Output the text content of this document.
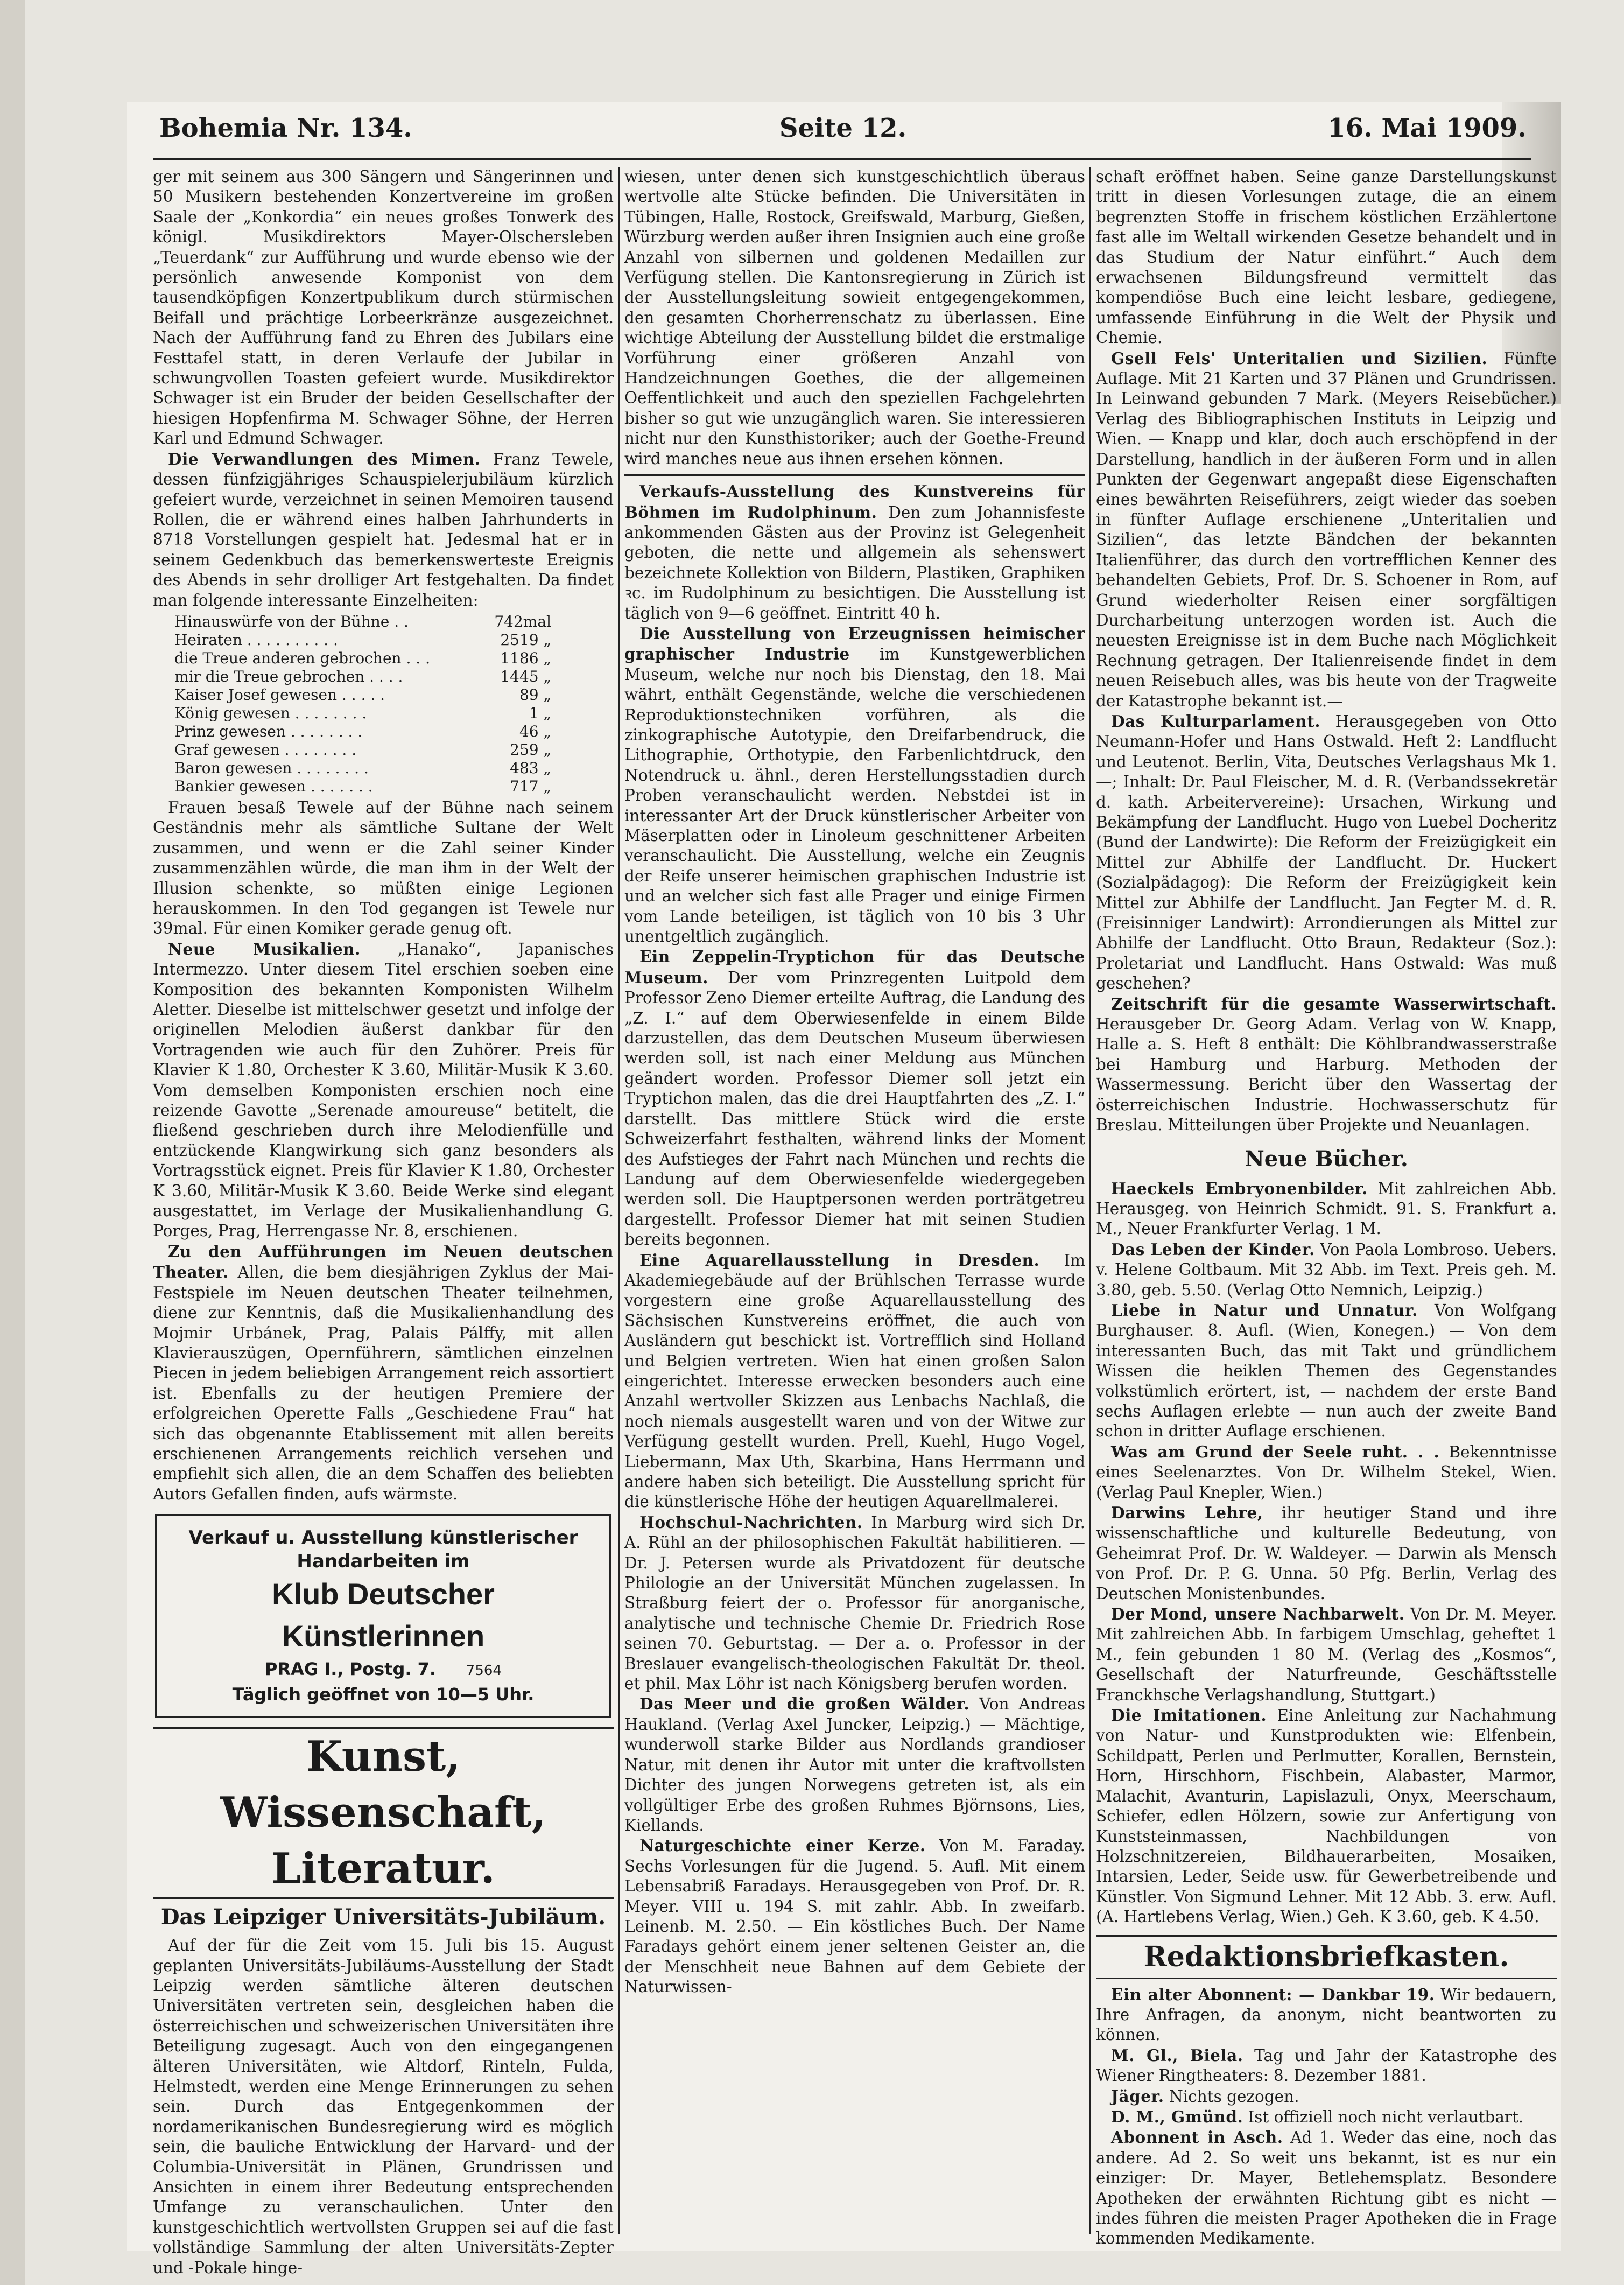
Bohemia Nr. 134.	Seite 12.	16. Mai 1909.

ger mit seinem aus 300 Sängern und Sängerinnen und 50 Musikern bestehenden Konzertvereine im großen Saale der „Konkordia“ ein neues großes Tonwerk des königl. Musikdirektors Mayer-Olschersleben „Teuerdank“ zur Aufführung und wurde ebenso wie der persönlich anwesende Komponist von dem tausendköpfigen Konzertpublikum durch stürmischen Beifall und prächtige Lorbeerkränze ausgezeichnet. Nach der Aufführung fand zu Ehren des Jubilars eine Festtafel statt, in deren Verlaufe der Jubilar in schwungvollen Toasten gefeiert wurde. Musikdirektor Schwager ist ein Bruder der beiden Gesellschafter der hiesigen Hopfenfirma M. Schwager Söhne, der Herren Karl und Edmund Schwager.

Die Verwandlungen des Mimen. Franz Tewele, dessen fünfzigjähriges Schauspielerjubiläum kürzlich gefeiert wurde, verzeichnet in seinen Memoiren tausend Rollen, die er während eines halben Jahrhunderts in 8718 Vorstellungen gespielt hat. Jedesmal hat er in seinem Gedenkbuch das bemerkenswerteste Ereignis des Abends in sehr drolliger Art festgehalten. Da findet man folgende interessante Einzelheiten:

Hinauswürfe von der Bühne . .	742mal
Heiraten . . . . . . . . . .	2519 „
die Treue anderen gebrochen . . .	1186 „
mir die Treue gebrochen . . . .	1445 „
Kaiser Josef gewesen . . . . .	89 „
König gewesen . . . . . . . .	1 „
Prinz gewesen . . . . . . . .	46 „
Graf gewesen . . . . . . . .	259 „
Baron gewesen . . . . . . . .	483 „
Bankier gewesen . . . . . . .	717 „

Frauen besaß Tewele auf der Bühne nach seinem Geständnis mehr als sämtliche Sultane der Welt zusammen, und wenn er die Zahl seiner Kinder zusammenzählen würde, die man ihm in der Welt der Illusion schenkte, so müßten einige Legionen herauskommen. In den Tod gegangen ist Tewele nur 39mal. Für einen Komiker gerade genug oft.

Neue Musikalien. „Hanako“, Japanisches Intermezzo. Unter diesem Titel erschien soeben eine Komposition des bekannten Komponisten Wilhelm Aletter. Dieselbe ist mittelschwer gesetzt und infolge der originellen Melodien äußerst dankbar für den Vortragenden wie auch für den Zuhörer. Preis für Klavier K 1.80, Orchester K 3.60, Militär-Musik K 3.60. Vom demselben Komponisten erschien noch eine reizende Gavotte „Serenade amoureuse“ betitelt, die fließend geschrieben durch ihre Melodienfülle und entzückende Klangwirkung sich ganz besonders als Vortragsstück eignet. Preis für Klavier K 1.80, Orchester K 3.60, Militär-Musik K 3.60. Beide Werke sind elegant ausgestattet, im Verlage der Musikalienhandlung G. Porges, Prag, Herrengasse Nr. 8, erschienen.

Zu den Aufführungen im Neuen deutschen Theater. Allen, die bem diesjährigen Zyklus der Mai-Festspiele im Neuen deutschen Theater teilnehmen, diene zur Kenntnis, daß die Musikalienhandlung des Mojmir Urbánek, Prag, Palais Pálffy, mit allen Klavierauszügen, Opernführern, sämtlichen einzelnen Piecen in jedem beliebigen Arrangement reich assortiert ist. Ebenfalls zu der heutigen Premiere der erfolgreichen Operette Falls „Geschiedene Frau“ hat sich das obgenannte Etablissement mit allen bereits erschienenen Arrangements reichlich versehen und empfiehlt sich allen, die an dem Schaffen des beliebten Autors Gefallen finden, aufs wärmste.

Verkauf u. Ausstellung künstlerischer
Handarbeiten im
Klub Deutscher Künstlerinnen
PRAG I., Postg. 7. 7564
Täglich geöffnet von 10—5 Uhr.
Kunst, Wissenschaft, Literatur.
Das Leipziger Universitäts-Jubiläum.

Auf der für die Zeit vom 15. Juli bis 15. August geplanten Universitäts-Jubiläums-Ausstellung der Stadt Leipzig werden sämtliche älteren deutschen Universitäten vertreten sein, desgleichen haben die österreichischen und schweizerischen Universitäten ihre Beteiligung zugesagt. Auch von den eingegangenen älteren Universitäten, wie Altdorf, Rinteln, Fulda, Helmstedt, werden eine Menge Erinnerungen zu sehen sein. Durch das Entgegenkommen der nordamerikanischen Bundesregierung wird es möglich sein, die bauliche Entwicklung der Harvard- und der Columbia-Universität in Plänen, Grundrissen und Ansichten in einem ihrer Bedeutung entsprechenden Umfange zu veranschaulichen. Unter den kunstgeschichtlich wertvollsten Gruppen sei auf die fast vollständige Sammlung der alten Universitäts-Zepter und -Pokale hinge-

wiesen, unter denen sich kunstgeschichtlich überaus wertvolle alte Stücke befinden. Die Universitäten in Tübingen, Halle, Rostock, Greifswald, Marburg, Gießen, Würzburg werden außer ihren Insignien auch eine große Anzahl von silbernen und goldenen Medaillen zur Verfügung stellen. Die Kantonsregierung in Zürich ist der Ausstellungsleitung sowieit entgegengekommen, den gesamten Chorherrenschatz zu überlassen. Eine wichtige Abteilung der Ausstellung bildet die erstmalige Vorführung einer größeren Anzahl von Handzeichnungen Goethes, die der allgemeinen Oeffentlichkeit und auch den speziellen Fachgelehrten bisher so gut wie unzugänglich waren. Sie interessieren nicht nur den Kunsthistoriker; auch der Goethe-Freund wird manches neue aus ihnen ersehen können.

Verkaufs-Ausstellung des Kunstvereins für Böhmen im Rudolphinum. Den zum Johannisfeste ankommenden Gästen aus der Provinz ist Gelegenheit geboten, die nette und allgemein als sehenswert bezeichnete Kollektion von Bildern, Plastiken, Graphiken ꝛc. im Rudolphinum zu besichtigen. Die Ausstellung ist täglich von 9—6 geöffnet. Eintritt 40 h.

Die Ausstellung von Erzeugnissen heimischer graphischer Industrie im Kunstgewerblichen Museum, welche nur noch bis Dienstag, den 18. Mai währt, enthält Gegenstände, welche die verschiedenen Reproduktionstechniken vorführen, als die zinkographische Autotypie, den Dreifarbendruck, die Lithographie, Orthotypie, den Farbenlichtdruck, den Notendruck u. ähnl., deren Herstellungsstadien durch Proben veranschaulicht werden. Nebstdei ist in interessanter Art der Druck künstlerischer Arbeiter von Mäserplatten oder in Linoleum geschnittener Arbeiten veranschaulicht. Die Ausstellung, welche ein Zeugnis der Reife unserer heimischen graphischen Industrie ist und an welcher sich fast alle Prager und einige Firmen vom Lande beteiligen, ist täglich von 10 bis 3 Uhr unentgeltlich zugänglich.

Ein Zeppelin-Tryptichon für das Deutsche Museum. Der vom Prinzregenten Luitpold dem Professor Zeno Diemer erteilte Auftrag, die Landung des „Z. I.“ auf dem Oberwiesenfelde in einem Bilde darzustellen, das dem Deutschen Museum überwiesen werden soll, ist nach einer Meldung aus München geändert worden. Professor Diemer soll jetzt ein Tryptichon malen, das die drei Hauptfahrten des „Z. I.“ darstellt. Das mittlere Stück wird die erste Schweizerfahrt festhalten, während links der Moment des Aufstieges der Fahrt nach München und rechts die Landung auf dem Oberwiesenfelde wiedergegeben werden soll. Die Hauptpersonen werden porträtgetreu dargestellt. Professor Diemer hat mit seinen Studien bereits begonnen.

Eine Aquarellausstellung in Dresden. Im Akademiegebäude auf der Brühlschen Terrasse wurde vorgestern eine große Aquarellausstellung des Sächsischen Kunstvereins eröffnet, die auch von Ausländern gut beschickt ist. Vortrefflich sind Holland und Belgien vertreten. Wien hat einen großen Salon eingerichtet. Interesse erwecken besonders auch eine Anzahl wertvoller Skizzen aus Lenbachs Nachlaß, die noch niemals ausgestellt waren und von der Witwe zur Verfügung gestellt wurden. Prell, Kuehl, Hugo Vogel, Liebermann, Max Uth, Skarbina, Hans Herrmann und andere haben sich beteiligt. Die Ausstellung spricht für die künstlerische Höhe der heutigen Aquarellmalerei.

Hochschul-Nachrichten. In Marburg wird sich Dr. A. Rühl an der philosophischen Fakultät habilitieren. — Dr. J. Petersen wurde als Privatdozent für deutsche Philologie an der Universität München zugelassen. In Straßburg feiert der o. Professor für anorganische, analytische und technische Chemie Dr. Friedrich Rose seinen 70. Geburtstag. — Der a. o. Professor in der Breslauer evangelisch-theologischen Fakultät Dr. theol. et phil. Max Löhr ist nach Königsberg berufen worden.

Das Meer und die großen Wälder. Von Andreas Haukland. (Verlag Axel Juncker, Leipzig.) — Mächtige, wunderwoll starke Bilder aus Nordlands grandioser Natur, mit denen ihr Autor mit unter die kraftvollsten Dichter des jungen Norwegens getreten ist, als ein vollgültiger Erbe des großen Ruhmes Björnsons, Lies, Kiellands.

Naturgeschichte einer Kerze. Von M. Faraday. Sechs Vorlesungen für die Jugend. 5. Aufl. Mit einem Lebensabriß Faradays. Herausgegeben von Prof. Dr. R. Meyer. VIII u. 194 S. mit zahlr. Abb. In zweifarb. Leinenb. M. 2.50. — Ein köstliches Buch. Der Name Faradays gehört einem jener seltenen Geister an, die der Menschheit neue Bahnen auf dem Gebiete der Naturwissen-

schaft eröffnet haben. Seine ganze Darstellungskunst tritt in diesen Vorlesungen zutage, die an einem begrenzten Stoffe in frischem köstlichen Erzählertone fast alle im Weltall wirkenden Gesetze behandelt und in das Studium der Natur einführt.“ Auch dem erwachsenen Bildungsfreund vermittelt das kompendiöse Buch eine leicht lesbare, gediegene, umfassende Einführung in die Welt der Physik und Chemie.

Gsell Fels' Unteritalien und Sizilien. Fünfte Auflage. Mit 21 Karten und 37 Plänen und Grundrissen. In Leinwand gebunden 7 Mark. (Meyers Reisebücher.) Verlag des Bibliographischen Instituts in Leipzig und Wien. — Knapp und klar, doch auch erschöpfend in der Darstellung, handlich in der äußeren Form und in allen Punkten der Gegenwart angepaßt diese Eigenschaften eines bewährten Reiseführers, zeigt wieder das soeben in fünfter Auflage erschienene „Unteritalien und Sizilien“, das letzte Bändchen der bekannten Italienführer, das durch den vortrefflichen Kenner des behandelten Gebiets, Prof. Dr. S. Schoener in Rom, auf Grund wiederholter Reisen einer sorgfältigen Durcharbeitung unterzogen worden ist. Auch die neuesten Ereignisse ist in dem Buche nach Möglichkeit Rechnung getragen. Der Italienreisende findet in dem neuen Reisebuch alles, was bis heute von der Tragweite der Katastrophe bekannt ist.—

Das Kulturparlament. Herausgegeben von Otto Neumann-Hofer und Hans Ostwald. Heft 2: Landflucht und Leutenot. Berlin, Vita, Deutsches Verlagshaus Mk 1.—; Inhalt: Dr. Paul Fleischer, M. d. R. (Verbandssekretär d. kath. Arbeitervereine): Ursachen, Wirkung und Bekämpfung der Landflucht. Hugo von Luebel Docheritz (Bund der Landwirte): Die Reform der Freizügigkeit ein Mittel zur Abhilfe der Landflucht. Dr. Huckert (Sozialpädagog): Die Reform der Freizügigkeit kein Mittel zur Abhilfe der Landflucht. Jan Fegter M. d. R. (Freisinniger Landwirt): Arrondierungen als Mittel zur Abhilfe der Landflucht. Otto Braun, Redakteur (Soz.): Proletariat und Landflucht. Hans Ostwald: Was muß geschehen?

Zeitschrift für die gesamte Wasserwirtschaft. Herausgeber Dr. Georg Adam. Verlag von W. Knapp, Halle a. S. Heft 8 enthält: Die Köhlbrandwasserstraße bei Hamburg und Harburg. Methoden der Wassermessung. Bericht über den Wassertag der österreichischen Industrie. Hochwasserschutz für Breslau. Mitteilungen über Projekte und Neuanlagen.

Neue Bücher.

Haeckels Embryonenbilder. Mit zahlreichen Abb. Herausgeg. von Heinrich Schmidt. 91. S. Frankfurt a. M., Neuer Frankfurter Verlag. 1 M.

Das Leben der Kinder. Von Paola Lombroso. Uebers. v. Helene Goltbaum. Mit 32 Abb. im Text. Preis geh. M. 3.80, geb. 5.50. (Verlag Otto Nemnich, Leipzig.)

Liebe in Natur und Unnatur. Von Wolfgang Burghauser. 8. Aufl. (Wien, Konegen.) — Von dem interessanten Buch, das mit Takt und gründlichem Wissen die heiklen Themen des Gegenstandes volkstümlich erörtert, ist, — nachdem der erste Band sechs Auflagen erlebte — nun auch der zweite Band schon in dritter Auflage erschienen.

Was am Grund der Seele ruht. . . Bekenntnisse eines Seelenarztes. Von Dr. Wilhelm Stekel, Wien. (Verlag Paul Knepler, Wien.)

Darwins Lehre, ihr heutiger Stand und ihre wissenschaftliche und kulturelle Bedeutung, von Geheimrat Prof. Dr. W. Waldeyer. — Darwin als Mensch von Prof. Dr. P. G. Unna. 50 Pfg. Berlin, Verlag des Deutschen Monistenbundes.

Der Mond, unsere Nachbarwelt. Von Dr. M. Meyer. Mit zahlreichen Abb. In farbigem Umschlag, geheftet 1 M., fein gebunden 1 80 M. (Verlag des „Kosmos“, Gesellschaft der Naturfreunde, Geschäftsstelle Franckhsche Verlagshandlung, Stuttgart.)

Die Imitationen. Eine Anleitung zur Nachahmung von Natur- und Kunstprodukten wie: Elfenbein, Schildpatt, Perlen und Perlmutter, Korallen, Bernstein, Horn, Hirschhorn, Fischbein, Alabaster, Marmor, Malachit, Avanturin, Lapislazuli, Onyx, Meerschaum, Schiefer, edlen Hölzern, sowie zur Anfertigung von Kunststeinmassen, Nachbildungen von Holzschnitzereien, Bildhauerarbeiten, Mosaiken, Intarsien, Leder, Seide usw. für Gewerbetreibende und Künstler. Von Sigmund Lehner. Mit 12 Abb. 3. erw. Aufl. (A. Hartlebens Verlag, Wien.) Geh. K 3.60, geb. K 4.50.

Redaktionsbriefkasten.

Ein alter Abonnent: — Dankbar 19. Wir bedauern, Ihre Anfragen, da anonym, nicht beantworten zu können.

M. Gl., Biela. Tag und Jahr der Katastrophe des Wiener Ringtheaters: 8. Dezember 1881.

Jäger. Nichts gezogen.

D. M., Gmünd. Ist offiziell noch nicht verlautbart.

Abonnent in Asch. Ad 1. Weder das eine, noch das andere. Ad 2. So weit uns bekannt, ist es nur ein einziger: Dr. Mayer, Betlehemsplatz. Besondere Apotheken der erwähnten Richtung gibt es nicht — indes führen die meisten Prager Apotheken die in Frage kommenden Medikamente.
